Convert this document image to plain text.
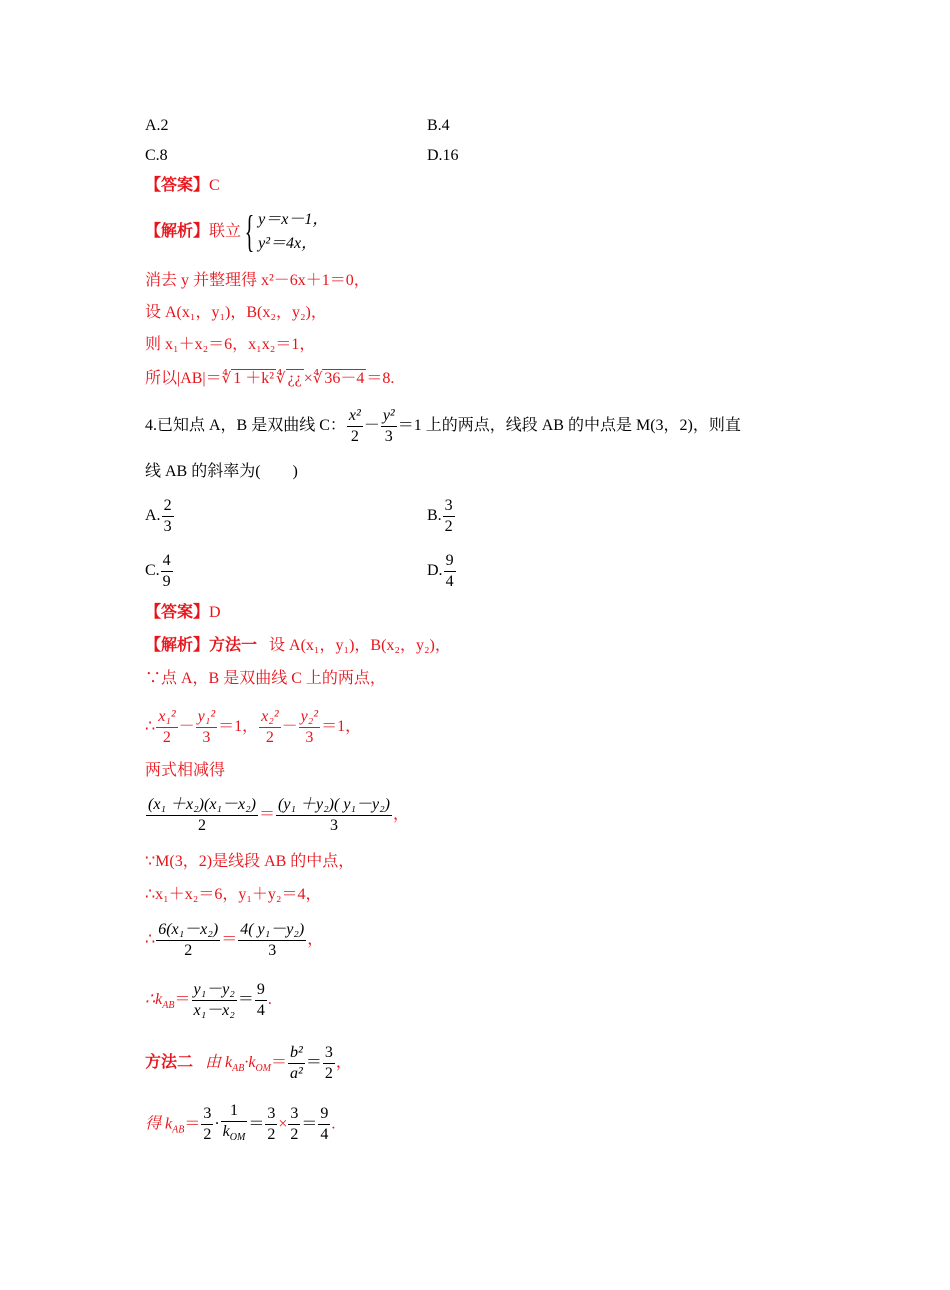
A.2	B.4
C.8	D.16
【答案】C
【解析】联立 { y＝x－1，
y²＝4x，
消去 y 并整理得 x²－6x＋1＝0，
设 A(x₁，y₁)，B(x₂，y₂)，
则 x₁＋x₂＝6，x₁x₂＝1，
所以|AB|＝∜ 1 ＋k² ∜ ¿¿ ×∜ 36－4 ＝8.
4.已知点 A，B 是双曲线 C： $\frac{\text{x²}}{2} - \frac{\text{y²}}{3} =1$ 上的两点，线段 AB 的中点是 M(3，2)，则直
线 AB 的斜率为(　　)
A. $\frac{2}{3}$	B. $\frac{3}{2}$
C. $\frac{4}{9}$	D. $\frac{9}{4}$
【答案】D
【解析】方法一 设 A(x₁，y₁)，B(x₂，y₂)，
∵点 A，B 是双曲线 C 上的两点，
∴ $\frac{\text{x₁²}}{2} - \frac{\text{y₁²}}{3} =1$， $\frac{\text{x₂²}}{2} - \frac{\text{y₂²}}{3} =1$，
两式相减得
$\frac{\text{(x₁ ＋x₂)(x₁－x₂)}}{2} = \frac{\text{(y₁ ＋y₂)( y₁－y₂)}}{3}$ ，
∵M(3，2)是线段 AB 的中点，
∴x₁＋x₂＝6，y₁＋y₂＝4，
∴ $\frac{\text{6(x₁－x₂)}}{2} = \frac{\text{4( y₁－y₂)}}{3}$ ，
$\therefore k_{AB}= \frac{\text{y₁－y₂}}{\text{x₁－x₂}} = \frac{9}{4}$ .
方法二 由 $k_{AB}\cdot k_{OM}= \frac{\text{b²}}{\text{a²}} = \frac{3}{2}$ ，
得 $k_{AB}= \frac{3}{2} \cdot \frac{1}{k_{OM}} = \frac{3}{2} \times \frac{3}{2} = \frac{9}{4}$ .
